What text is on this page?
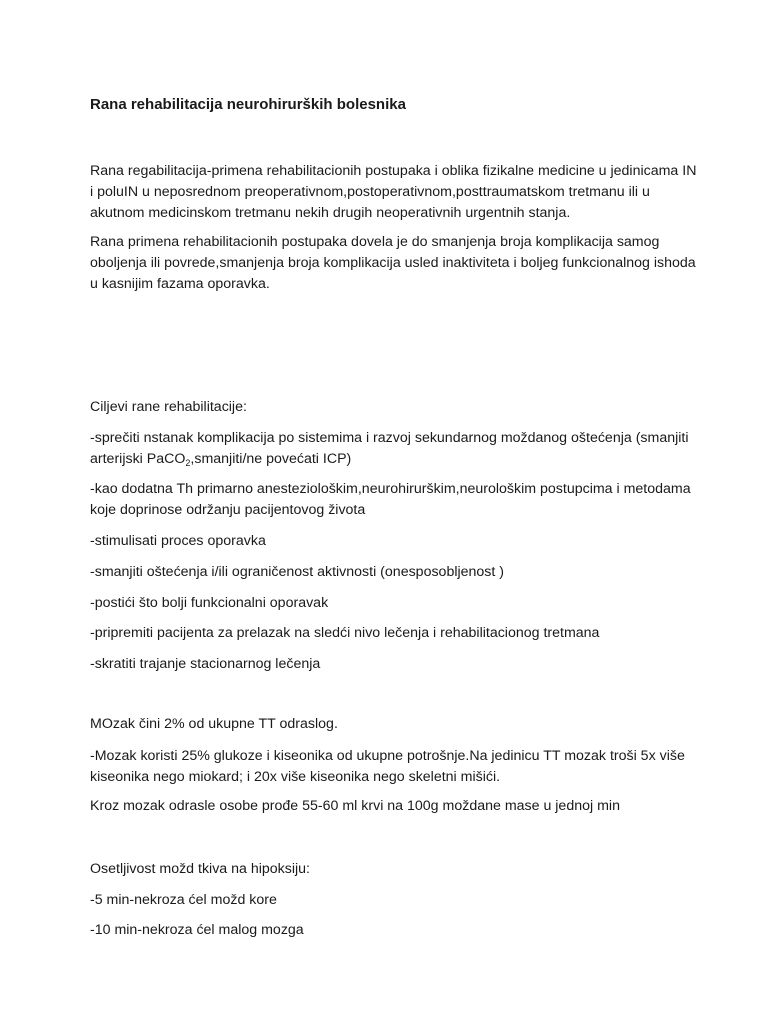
Rana rehabilitacija neurohirurških bolesnika

Rana regabilitacija-primena rehabilitacionih postupaka i oblika fizikalne medicine u jedinicama IN

i poluIN u neposrednom preoperativnom,postoperativnom,posttraumatskom tretmanu ili u

akutnom medicinskom tretmanu nekih drugih neoperativnih urgentnih stanja.

Rana primena rehabilitacionih postupaka dovela je do smanjenja broja komplikacija samog

oboljenja ili povrede,smanjenja broja komplikacija usled inaktiviteta i boljeg funkcionalnog ishoda

u kasnijim fazama oporavka.

Ciljevi rane rehabilitacije:

-sprečiti nstanak komplikacija po sistemima i razvoj sekundarnog moždanog oštećenja (smanjiti

arterijski PaCO$_2$,smanjiti/ne povećati ICP)

-kao dodatna Th primarno anesteziološkim,neurohirurškim,neurološkim postupcima i metodama

koje doprinose održanju pacijentovog života

-stimulisati proces oporavka

-smanjiti oštećenja i/ili ograničenost aktivnosti (onesposobljenost )

-postići što bolji funkcionalni oporavak

-pripremiti pacijenta za prelazak na sledći nivo lečenja i rehabilitacionog tretmana

-skratiti trajanje stacionarnog lečenja

MOzak čini 2% od ukupne TT odraslog.

-Mozak koristi 25% glukoze i kiseonika od ukupne potrošnje.Na jedinicu TT mozak troši 5x više

kiseonika nego miokard; i 20x više kiseonika nego skeletni mišići.

Kroz mozak odrasle osobe prođe 55-60 ml krvi na 100g moždane mase u jednoj min

Osetljivost možd tkiva na hipoksiju:

-5 min-nekroza ćel možd kore

-10 min-nekroza ćel malog mozga
